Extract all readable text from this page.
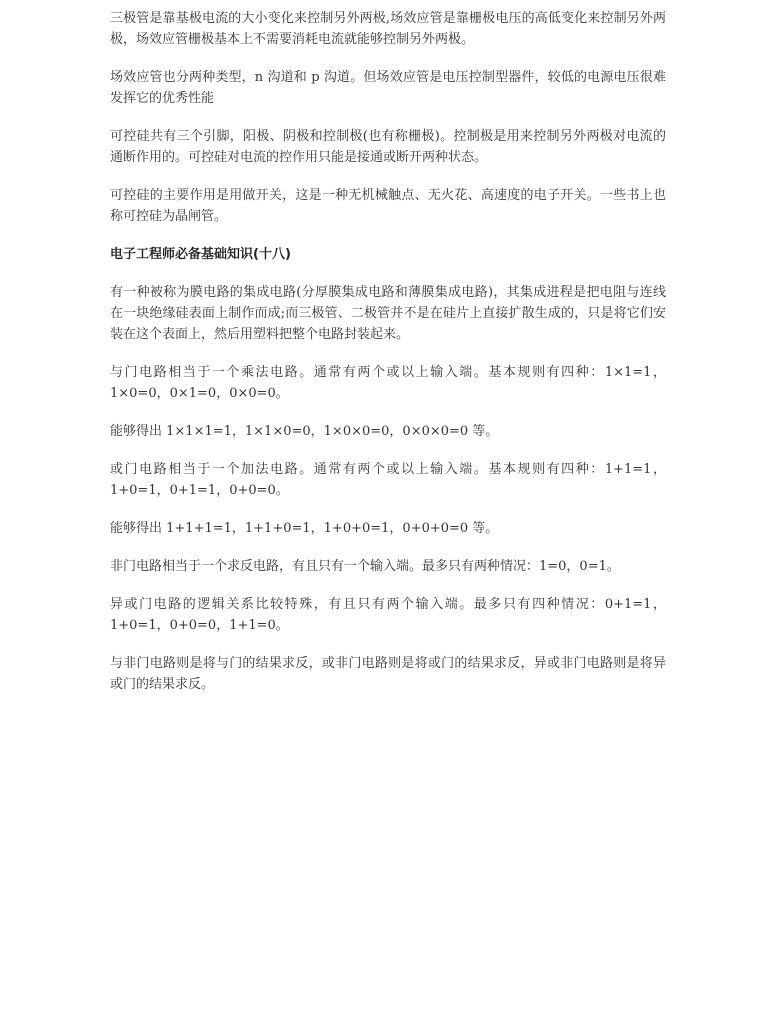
三极管是靠基极电流的大小变化来控制另外两极,场效应管是靠栅极电压的高低变化来控制另外两极，场效应管栅极基本上不需要消耗电流就能够控制另外两极。

场效应管也分两种类型，n 沟道和 p 沟道。但场效应管是电压控制型器件，较低的电源电压很难发挥它的优秀性能

可控硅共有三个引脚，阳极、阴极和控制极(也有称栅极)。控制极是用来控制另外两极对电流的通断作用的。可控硅对电流的控作用只能是接通或断开两种状态。

可控硅的主要作用是用做开关，这是一种无机械触点、无火花、高速度的电子开关。一些书上也称可控硅为晶闸管。

电子工程师必备基础知识(十八)

有一种被称为膜电路的集成电路(分厚膜集成电路和薄膜集成电路)，其集成进程是把电阻与连线在一块绝缘硅表面上制作而成;而三极管、二极管并不是在硅片上直接扩散生成的，只是将它们安装在这个表面上，然后用塑料把整个电路封装起来。

与门电路相当于一个乘法电路。通常有两个或以上输入端。基本规则有四种：1×1=1，1×0=0，0×1=0，0×0=0。

能够得出 1×1×1=1，1×1×0=0，1×0×0=0，0×0×0=0 等。

或门电路相当于一个加法电路。通常有两个或以上输入端。基本规则有四种：1+1=1，1+0=1，0+1=1，0+0=0。

能够得出 1+1+1=1，1+1+0=1，1+0+0=1，0+0+0=0 等。

非门电路相当于一个求反电路，有且只有一个输入端。最多只有两种情况：1=0，0=1。

异或门电路的逻辑关系比较特殊，有且只有两个输入端。最多只有四种情况：0+1=1，1+0=1，0+0=0，1+1=0。

与非门电路则是将与门的结果求反，或非门电路则是将或门的结果求反，异或非门电路则是将异或门的结果求反。
